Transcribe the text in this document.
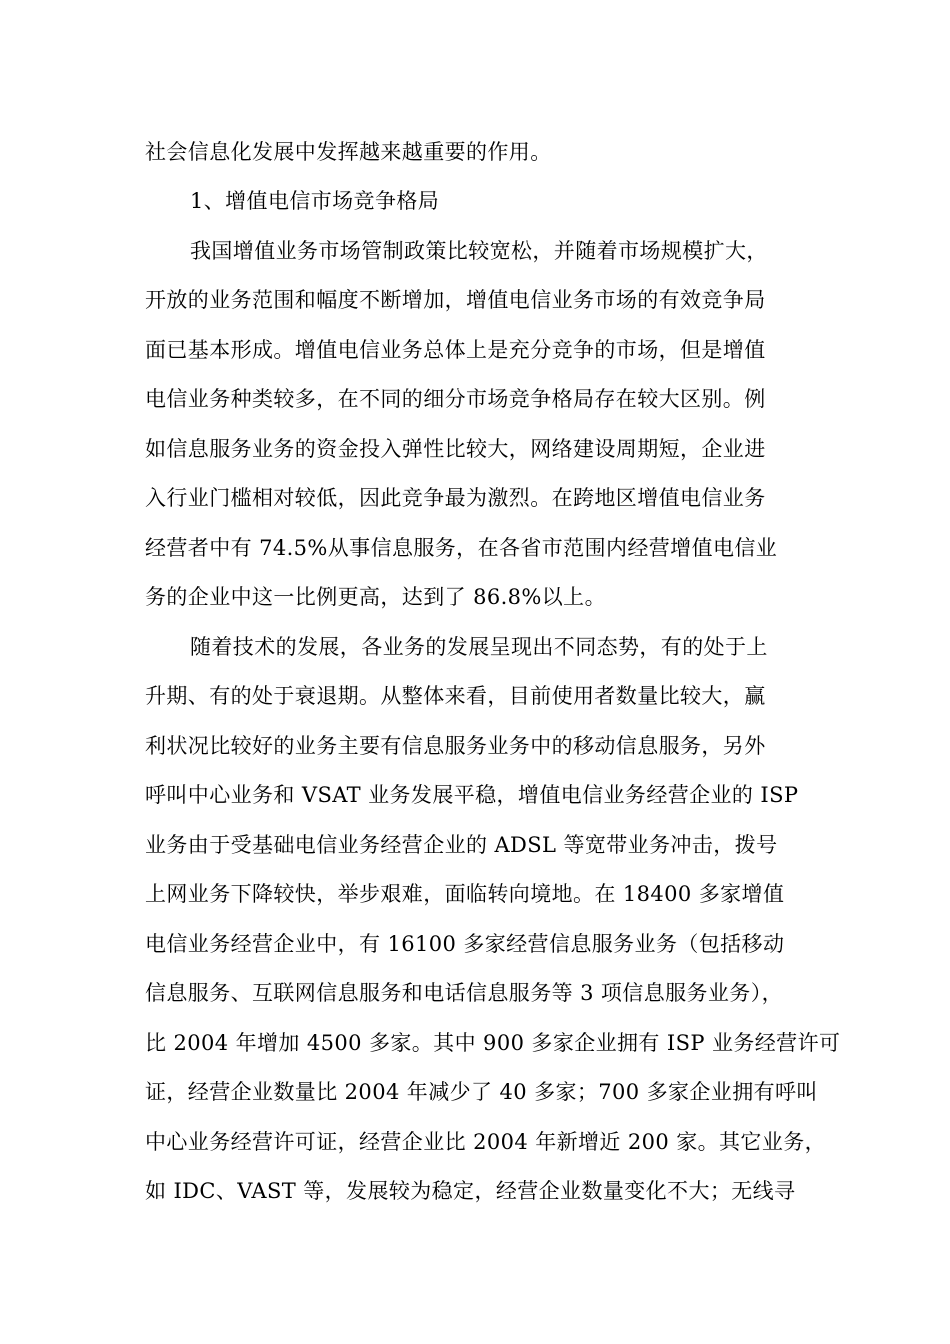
社会信息化发展中发挥越来越重要的作用。
1、增值电信市场竞争格局
我国增值业务市场管制政策比较宽松，并随着市场规模扩大，
开放的业务范围和幅度不断增加，增值电信业务市场的有效竞争局
面已基本形成。增值电信业务总体上是充分竞争的市场，但是增值
电信业务种类较多，在不同的细分市场竞争格局存在较大区别。例
如信息服务业务的资金投入弹性比较大，网络建设周期短，企业进
入行业门槛相对较低，因此竞争最为激烈。在跨地区增值电信业务
经营者中有 74.5%从事信息服务，在各省市范围内经营增值电信业
务的企业中这一比例更高，达到了 86.8%以上。
随着技术的发展，各业务的发展呈现出不同态势，有的处于上
升期、有的处于衰退期。从整体来看，目前使用者数量比较大，赢
利状况比较好的业务主要有信息服务业务中的移动信息服务，另外
呼叫中心业务和 VSAT 业务发展平稳，增值电信业务经营企业的 ISP
业务由于受基础电信业务经营企业的 ADSL 等宽带业务冲击，拨号
上网业务下降较快，举步艰难，面临转向境地。在 18400 多家增值
电信业务经营企业中，有 16100 多家经营信息服务业务（包括移动
信息服务、互联网信息服务和电话信息服务等 3 项信息服务业务），
比 2004 年增加 4500 多家。其中 900 多家企业拥有 ISP 业务经营许可
证，经营企业数量比 2004 年减少了 40 多家；700 多家企业拥有呼叫
中心业务经营许可证，经营企业比 2004 年新增近 200 家。其它业务，
如 IDC、VAST 等，发展较为稳定，经营企业数量变化不大；无线寻
